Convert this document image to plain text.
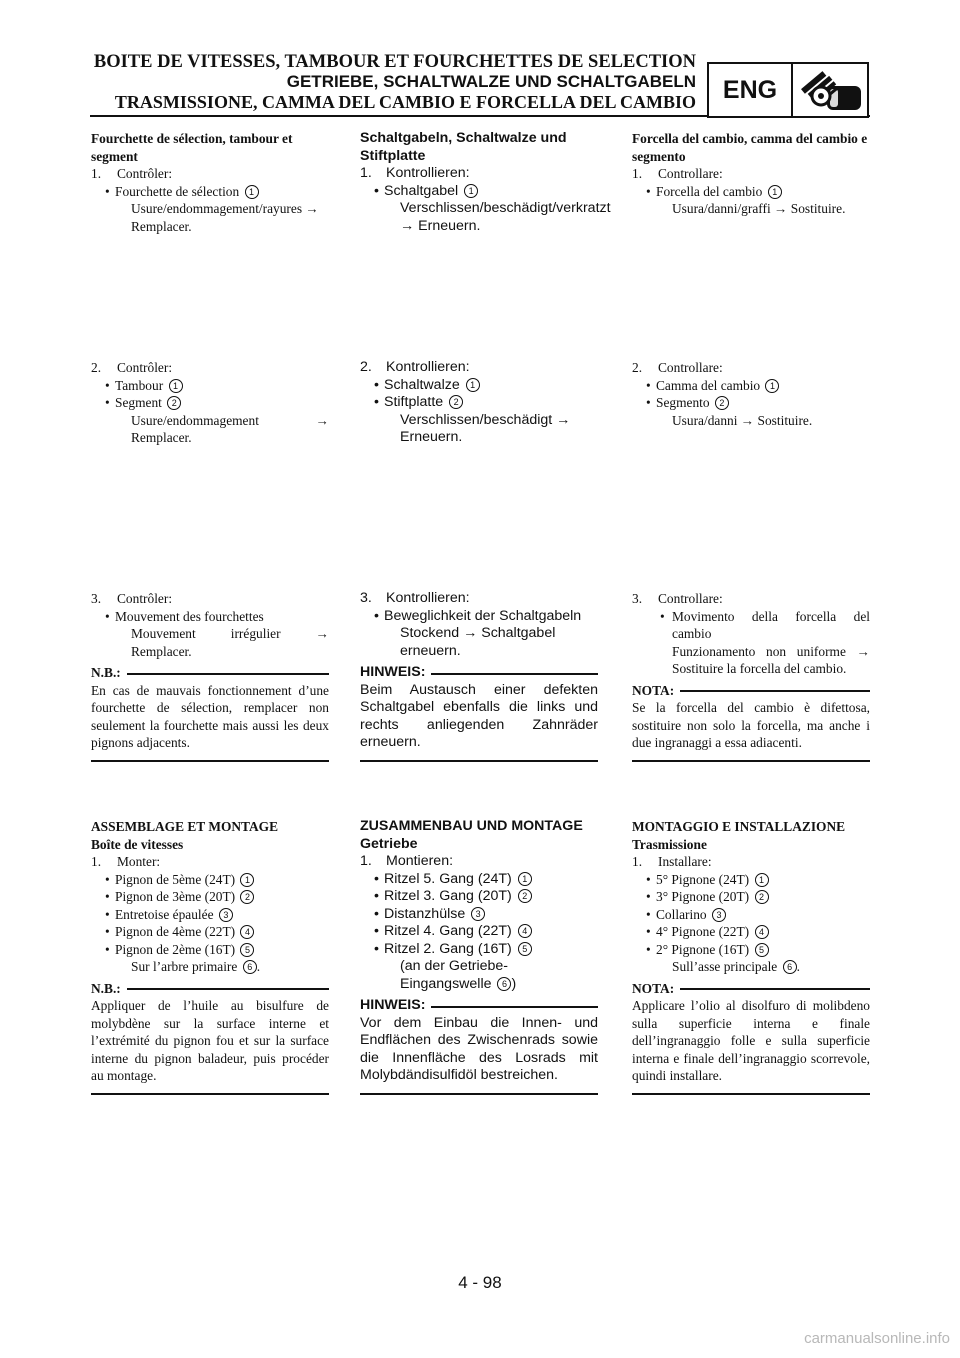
BOITE DE VITESSES, TAMBOUR ET FOURCHETTES DE SELECTION
GETRIEBE, SCHALTWALZE UND SCHALTGABELN
TRASMISSIONE, CAMMA DEL CAMBIO E FORCELLA DEL CAMBIO	ENG
Fourchette de sélection, tambour et segment
1. Contrôler:
• Fourchette de sélection 1
Usure/endommagement/rayures → Remplacer.
2. Contrôler:
• Tambour 1
• Segment 2
Usure/endommagement → Remplacer.
3. Contrôler:
• Mouvement des fourchettes
Mouvement irrégulier → Remplacer.
N.B.:
En cas de mauvais fonctionnement d’une fourchette de sélection, remplacer non seulement la fourchette mais aussi les deux pignons adjacents.
ASSEMBLAGE ET MONTAGE
Boîte de vitesses
1. Monter:
• Pignon de 5ème (24T) 1
• Pignon de 3ème (20T) 2
• Entretoise épaulée 3
• Pignon de 4ème (22T) 4
• Pignon de 2ème (16T) 5
Sur l’arbre primaire 6 .
N.B.:
Appliquer de l’huile au bisulfure de molybdène sur la surface interne et l’extrémité du pignon fou et sur la surface interne du pignon baladeur, puis procéder au montage.
Schaltgabeln, Schaltwalze und Stiftplatte
1. Kontrollieren:
• Schaltgabel 1
Verschlissen/beschädigt/verkratzt → Erneuern.
2. Kontrollieren:
• Schaltwalze 1
• Stiftplatte 2
Verschlissen/beschädigt → Erneuern.
3. Kontrollieren:
• Beweglichkeit der Schaltgabeln
Stockend → Schaltgabel erneuern.
HINWEIS:
Beim Austausch einer defekten Schaltgabel ebenfalls die links und rechts anliegenden Zahnräder erneuern.
ZUSAMMENBAU UND MONTAGE
Getriebe
1. Montieren:
• Ritzel 5. Gang (24T) 1
• Ritzel 3. Gang (20T) 2
• Distanzhülse 3
• Ritzel 4. Gang (22T) 4
• Ritzel 2. Gang (16T) 5
(an der Getriebe-Eingangswelle 6 )
HINWEIS:
Vor dem Einbau die Innen- und Endflächen des Zwischenrads sowie die Innenfläche des Losrads mit Molybdändisulfidöl bestreichen.
Forcella del cambio, camma del cambio e segmento
1. Controllare:
• Forcella del cambio 1
Usura/danni/graffi → Sostituire.
2. Controllare:
• Camma del cambio 1
• Segmento 2
Usura/danni → Sostituire.
3. Controllare:
• Movimento della forcella del cambio
Funzionamento non uniforme → Sostituire la forcella del cambio.
NOTA:
Se la forcella del cambio è difettosa, sostituire non solo la forcella, ma anche i due ingranaggi a essa adiacenti.
MONTAGGIO E INSTALLAZIONE
Trasmissione
1. Installare:
• 5° Pignone (24T) 1
• 3° Pignone (20T) 2
• Collarino 3
• 4° Pignone (22T) 4
• 2° Pignone (16T) 5
Sull’asse principale 6 .
NOTA:
Applicare l’olio al disolfuro di molibdeno sulla superficie interna e finale dell’ingranaggio folle e sulla superficie interna e finale dell’ingranaggio scorrevole, quindi installare.
4 - 98
carmanualsonline.info
